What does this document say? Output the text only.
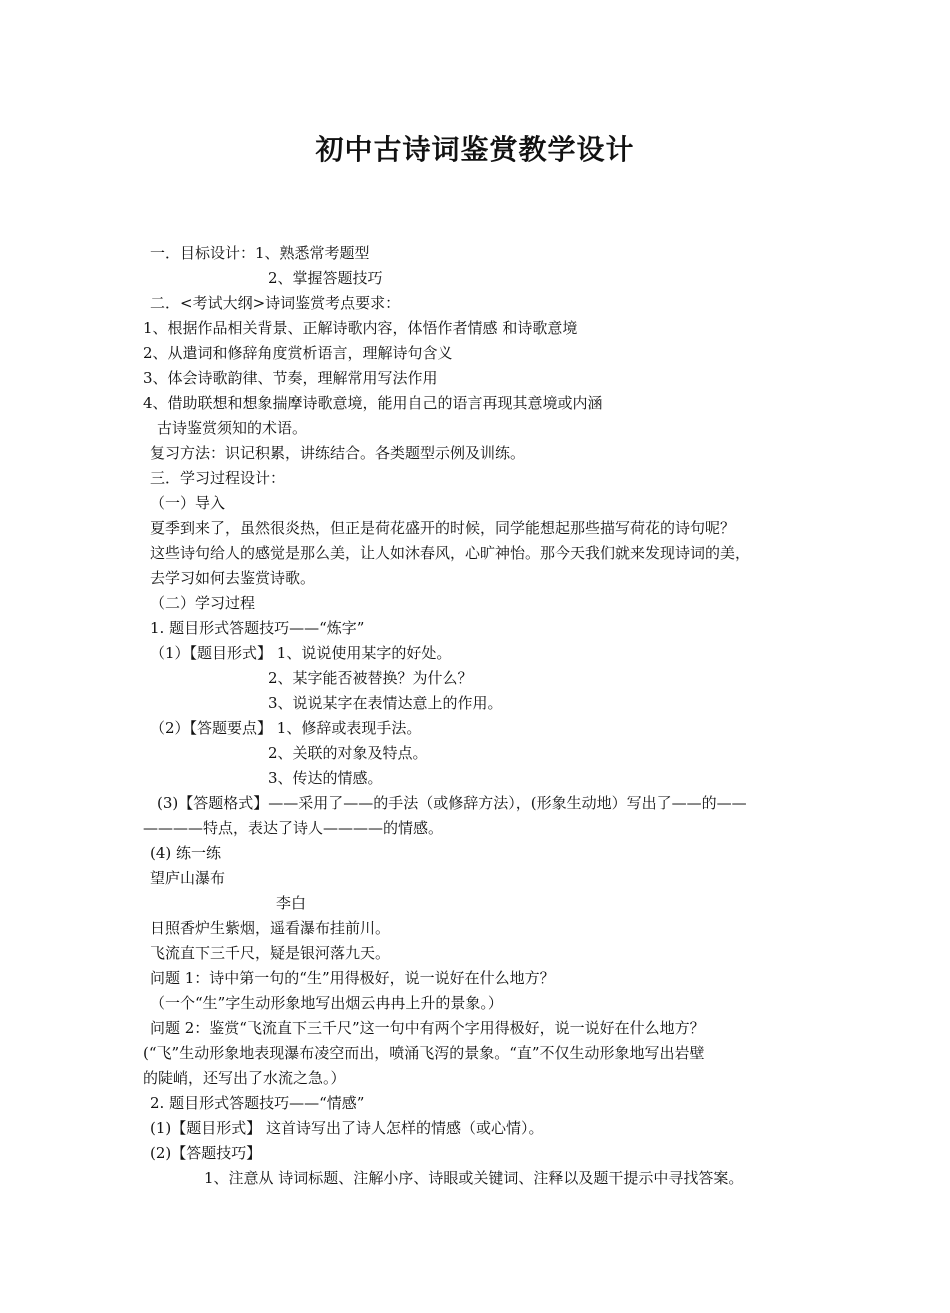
初中古诗词鉴赏教学设计
一．目标设计：1、熟悉常考题型
2、掌握答题技巧
二．<考试大纲>诗词鉴赏考点要求：
1、根据作品相关背景、正解诗歌内容，体悟作者情感 和诗歌意境
2、从遣词和修辞角度赏析语言，理解诗句含义
3、体会诗歌韵律、节奏，理解常用写法作用
4、借助联想和想象揣摩诗歌意境，能用自己的语言再现其意境或内涵
古诗鉴赏须知的术语。
复习方法：识记积累，讲练结合。各类题型示例及训练。
三．学习过程设计：
（一）导入
夏季到来了，虽然很炎热，但正是荷花盛开的时候，同学能想起那些描写荷花的诗句呢？
这些诗句给人的感觉是那么美，让人如沐春风，心旷神怡。那今天我们就来发现诗词的美，
去学习如何去鉴赏诗歌。
（二）学习过程
1. 题目形式答题技巧——“炼字”
（1）【题目形式】 1、说说使用某字的好处。
2、某字能否被替换？为什么？
3、说说某字在表情达意上的作用。
（2）【答题要点】 1、修辞或表现手法。
2、关联的对象及特点。
3、传达的情感。
(3)【答题格式】——采用了——的手法（或修辞方法），(形象生动地）写出了——的——
————特点，表达了诗人————的情感。
(4) 练一练
望庐山瀑布
李白
日照香炉生紫烟，遥看瀑布挂前川。
飞流直下三千尺，疑是银河落九天。
问题 1：诗中第一句的“生”用得极好，说一说好在什么地方？
（一个“生”字生动形象地写出烟云冉冉上升的景象。）
问题 2：鉴赏“飞流直下三千尺”这一句中有两个字用得极好，说一说好在什么地方？
(“飞”生动形象地表现瀑布凌空而出，喷涌飞泻的景象。“直”不仅生动形象地写出岩壁
的陡峭，还写出了水流之急。）
2. 题目形式答题技巧——“情感”
(1)【题目形式】 这首诗写出了诗人怎样的情感（或心情）。
(2)【答题技巧】
1、注意从 诗词标题、注解小序、诗眼或关键词、注释以及题干提示中寻找答案。
